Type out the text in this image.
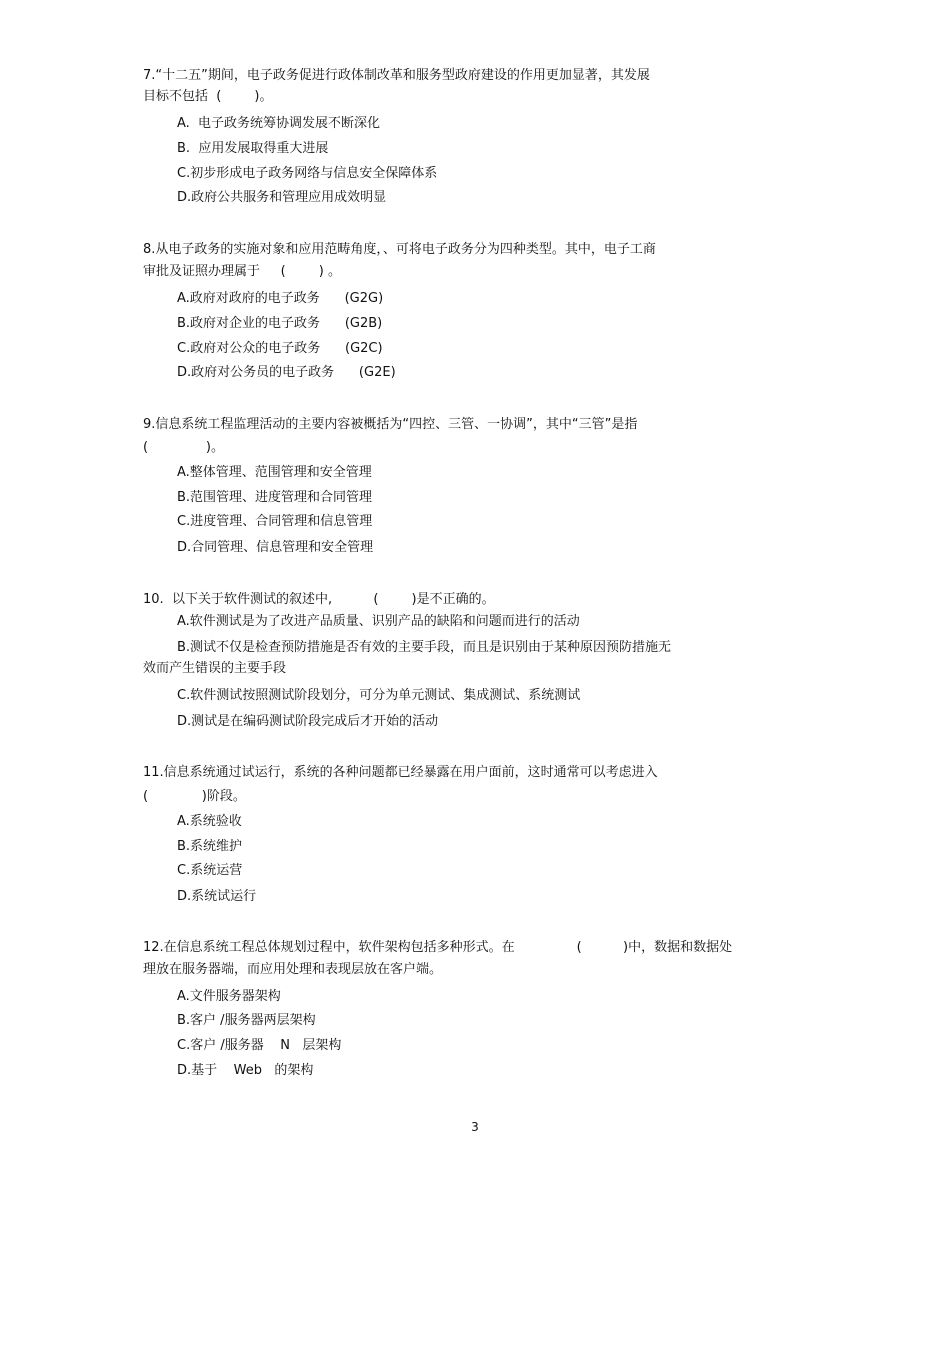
7.“十二五”期间，电子政务促进行政体制改革和服务型政府建设的作用更加显著，其发展
目标不包括  (        )。
A.  电子政务统筹协调发展不断深化
B.  应用发展取得重大进展
C.初步形成电子政务网络与信息安全保障体系
D.政府公共服务和管理应用成效明显
8.从电子政务的实施对象和应用范畴角度，、可将电子政务分为四种类型。其中，电子工商
审批及证照办理属于     (        ) 。
A.政府对政府的电子政务      (G2G)
B.政府对企业的电子政务      (G2B)
C.政府对公众的电子政务      (G2C)
D.政府对公务员的电子政务      (G2E)
9.信息系统工程监理活动的主要内容被概括为“四控、三管、一协调”，其中“三管”是指
(              )。
A.整体管理、范围管理和安全管理
B.范围管理、进度管理和合同管理
C.进度管理、合同管理和信息管理
D.合同管理、信息管理和安全管理
10.  以下关于软件测试的叙述中,          (        )是不正确的。
A.软件测试是为了改进产品质量、识别产品的缺陷和问题而进行的活动
B.测试不仅是检查预防措施是否有效的主要手段，而且是识别由于某种原因预防措施无
效而产生错误的主要手段
C.软件测试按照测试阶段划分，可分为单元测试、集成测试、系统测试
D.测试是在编码测试阶段完成后才开始的活动
11.信息系统通过试运行，系统的各种问题都已经暴露在用户面前，这时通常可以考虑进入
(             )阶段。
A.系统验收
B.系统维护
C.系统运营
D.系统试运行
12.在信息系统工程总体规划过程中，软件架构包括多种形式。在               (          )中，数据和数据处
理放在服务器端，而应用处理和表现层放在客户端。
A.文件服务器架构
B.客户 /服务器两层架构
C.客户 /服务器    N   层架构
D.基于    Web   的架构
3
